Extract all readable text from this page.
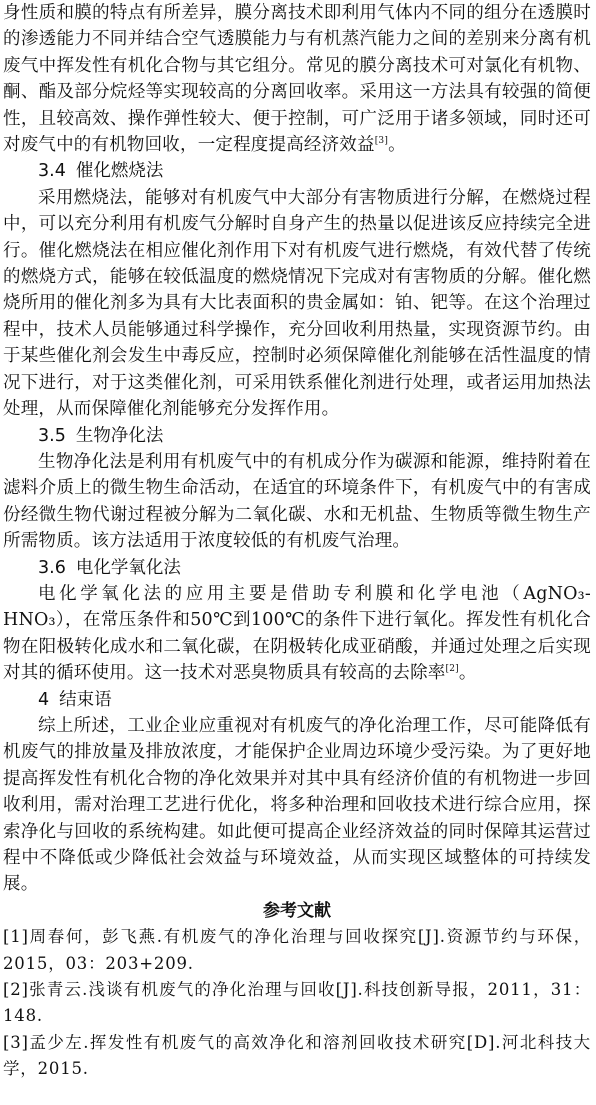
身性质和膜的特点有所差异，膜分离技术即利用气体内不同的组分在透膜时的渗透能力不同并结合空气透膜能力与有机蒸汽能力之间的差别来分离有机废气中挥发性有机化合物与其它组分。常见的膜分离技术可对氯化有机物、酮、酯及部分烷烃等实现较高的分离回收率。采用这一方法具有较强的简便性，且较高效、操作弹性较大、便于控制，可广泛用于诸多领域，同时还可对废气中的有机物回收，一定程度提高经济效益[3]。

3.4 催化燃烧法

采用燃烧法，能够对有机废气中大部分有害物质进行分解，在燃烧过程中，可以充分利用有机废气分解时自身产生的热量以促进该反应持续完全进行。催化燃烧法在相应催化剂作用下对有机废气进行燃烧，有效代替了传统的燃烧方式，能够在较低温度的燃烧情况下完成对有害物质的分解。催化燃烧所用的催化剂多为具有大比表面积的贵金属如：铂、钯等。在这个治理过程中，技术人员能够通过科学操作，充分回收利用热量，实现资源节约。由于某些催化剂会发生中毒反应，控制时必须保障催化剂能够在活性温度的情况下进行，对于这类催化剂，可采用铁系催化剂进行处理，或者运用加热法处理，从而保障催化剂能够充分发挥作用。

3.5 生物净化法

生物净化法是利用有机废气中的有机成分作为碳源和能源，维持附着在滤料介质上的微生物生命活动，在适宜的环境条件下，有机废气中的有害成份经微生物代谢过程被分解为二氧化碳、水和无机盐、生物质等微生物生产所需物质。该方法适用于浓度较低的有机废气治理。

3.6 电化学氧化法

电化学氧化法的应用主要是借助专利膜和化学电池（AgNO₃-HNO₃），在常压条件和50℃到100℃的条件下进行氧化。挥发性有机化合物在阳极转化成水和二氧化碳，在阴极转化成亚硝酸，并通过处理之后实现对其的循环使用。这一技术对恶臭物质具有较高的去除率[2]。

4 结束语

综上所述，工业企业应重视对有机废气的净化治理工作，尽可能降低有机废气的排放量及排放浓度，才能保护企业周边环境少受污染。为了更好地提高挥发性有机化合物的净化效果并对其中具有经济价值的有机物进一步回收利用，需对治理工艺进行优化，将多种治理和回收技术进行综合应用，探索净化与回收的系统构建。如此便可提高企业经济效益的同时保障其运营过程中不降低或少降低社会效益与环境效益，从而实现区域整体的可持续发展。

参考文献

[1]周春何，彭飞燕.有机废气的净化治理与回收探究[J].资源节约与环保，2015，03：203+209.

[2]张青云.浅谈有机废气的净化治理与回收[J].科技创新导报，2011，31：148.

[3]孟少左.挥发性有机废气的高效净化和溶剂回收技术研究[D].河北科技大学，2015.
